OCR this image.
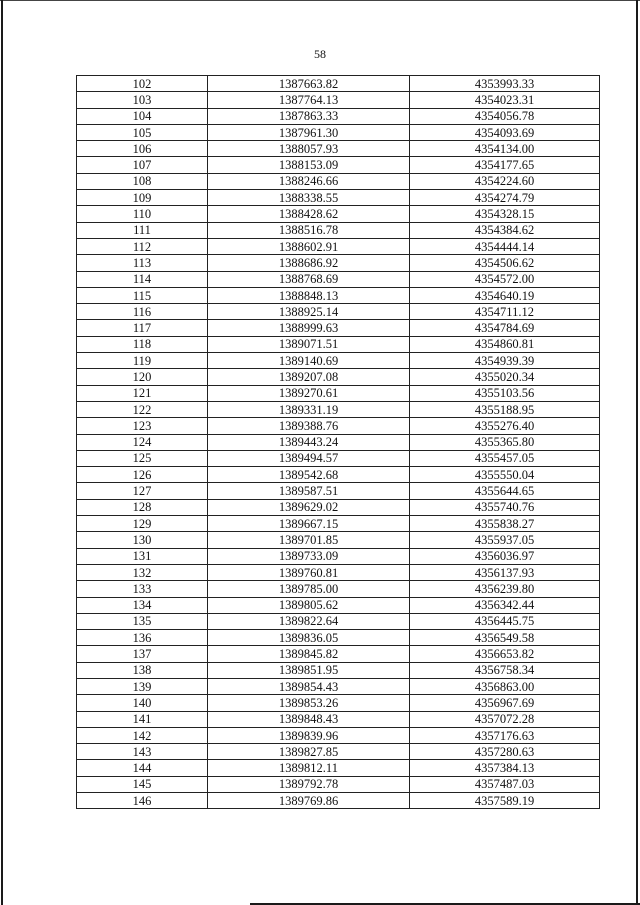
58
102	1387663.82	4353993.33
103	1387764.13	4354023.31
104	1387863.33	4354056.78
105	1387961.30	4354093.69
106	1388057.93	4354134.00
107	1388153.09	4354177.65
108	1388246.66	4354224.60
109	1388338.55	4354274.79
110	1388428.62	4354328.15
111	1388516.78	4354384.62
112	1388602.91	4354444.14
113	1388686.92	4354506.62
114	1388768.69	4354572.00
115	1388848.13	4354640.19
116	1388925.14	4354711.12
117	1388999.63	4354784.69
118	1389071.51	4354860.81
119	1389140.69	4354939.39
120	1389207.08	4355020.34
121	1389270.61	4355103.56
122	1389331.19	4355188.95
123	1389388.76	4355276.40
124	1389443.24	4355365.80
125	1389494.57	4355457.05
126	1389542.68	4355550.04
127	1389587.51	4355644.65
128	1389629.02	4355740.76
129	1389667.15	4355838.27
130	1389701.85	4355937.05
131	1389733.09	4356036.97
132	1389760.81	4356137.93
133	1389785.00	4356239.80
134	1389805.62	4356342.44
135	1389822.64	4356445.75
136	1389836.05	4356549.58
137	1389845.82	4356653.82
138	1389851.95	4356758.34
139	1389854.43	4356863.00
140	1389853.26	4356967.69
141	1389848.43	4357072.28
142	1389839.96	4357176.63
143	1389827.85	4357280.63
144	1389812.11	4357384.13
145	1389792.78	4357487.03
146	1389769.86	4357589.19
